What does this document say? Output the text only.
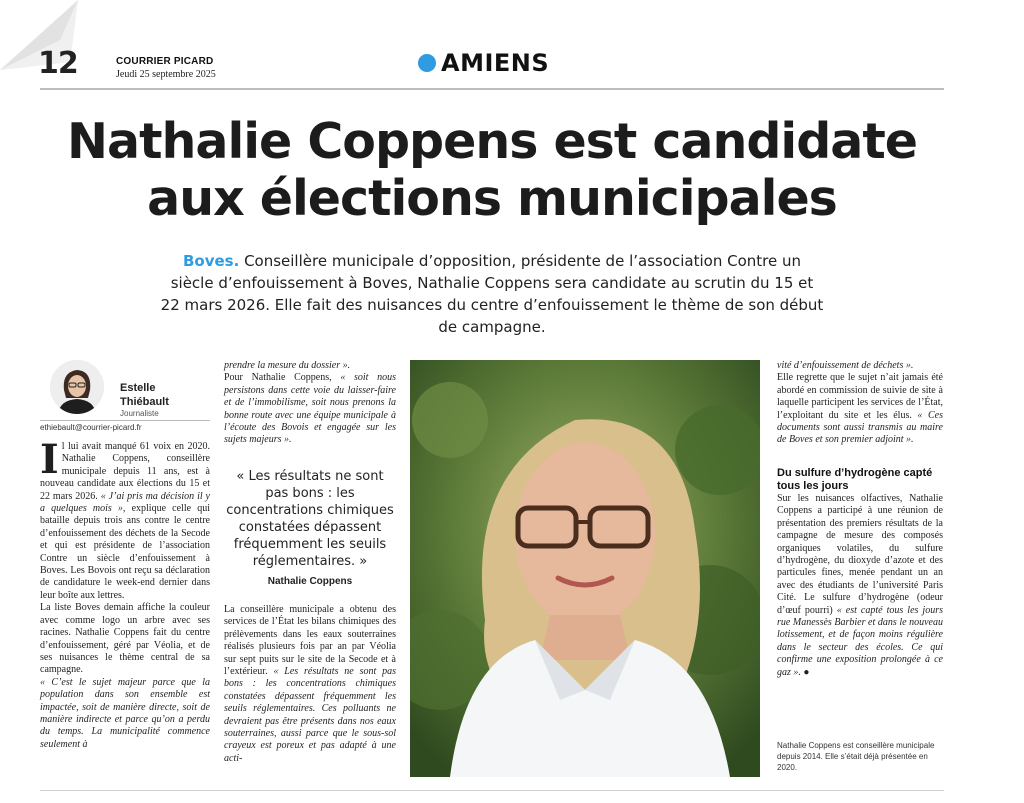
12	COURRIER PICARD
Jeudi 25 septembre 2025	AMIENS
Nathalie Coppens est candidate
aux élections municipales
Boves. Conseillère municipale d’opposition, présidente de l’association Contre un siècle d’enfouissement à Boves, Nathalie Coppens sera candidate au scrutin du 15 et 22 mars 2026. Elle fait des nuisances du centre d’enfouissement le thème de son début de campagne.
Estelle
Thiébault
Journaliste
ethiebault@courrier-picard.fr

Il lui avait manqué 61 voix en 2020. Nathalie Coppens, conseillère municipale depuis 11 ans, est à nouveau candidate aux élections du 15 et 22 mars 2026. « J’ai pris ma décision il y a quelques mois », explique celle qui bataille depuis trois ans contre le centre d’enfouissement des déchets de la Secode et qui est présidente de l’association Contre un siècle d’enfouissement à Boves. Les Bovois ont reçu sa déclaration de candidature le week-end dernier dans leur boîte aux lettres.

La liste Boves demain affiche la couleur avec comme logo un arbre avec ses racines. Nathalie Coppens fait du centre d’enfouissement, géré par Véolia, et de ses nuisances le thème central de sa campagne.

« C’est le sujet majeur parce que la population dans son ensemble est impactée, soit de manière directe, soit de manière indirecte et parce qu’on a perdu du temps. La municipalité commence seulement à

prendre la mesure du dossier ».

Pour Nathalie Coppens, « soit nous persistons dans cette voie du laisser-faire et de l’immobilisme, soit nous prenons la bonne route avec une équipe municipale à l’écoute des Bovois et engagée sur les sujets majeurs ».

« Les résultats ne sont pas bons : les concentrations chimiques constatées dépassent fréquemment les seuils réglementaires. »
Nathalie Coppens

La conseillère municipale a obtenu des services de l’État les bilans chimiques des prélèvements dans les eaux souterraines réalisés plusieurs fois par an par Véolia sur sept puits sur le site de la Secode et à l’extérieur. « Les résultats ne sont pas bons : les concentrations chimiques constatées dépassent fréquemment les seuils réglementaires. Ces polluants ne devraient pas être présents dans nos eaux souterraines, aussi parce que le sous-sol crayeux est poreux et pas adapté à une acti-

vité d’enfouissement de déchets ».

Elle regrette que le sujet n’ait jamais été abordé en commission de suivie de site à laquelle participent les services de l’État, l’exploitant du site et les élus. « Ces documents sont aussi transmis au maire de Boves et son premier adjoint ».

Du sulfure d’hydrogène capté tous les jours

Sur les nuisances olfactives, Nathalie Coppens a participé à une réunion de présentation des premiers résultats de la campagne de mesure des composés organiques volatiles, du sulfure d’hydrogène, du dioxyde d’azote et des particules fines, menée pendant un an avec des étudiants de l’université Paris Cité. Le sulfure d’hydrogène (odeur d’œuf pourri) « est capté tous les jours rue Manessès Barbier et dans le nouveau lotissement, et de façon moins régulière dans le secteur des écoles. Ce qui confirme une exposition prolongée à ce gaz ». ●

Nathalie Coppens est conseillère municipale depuis 2014. Elle s’était déjà présentée en 2020.
